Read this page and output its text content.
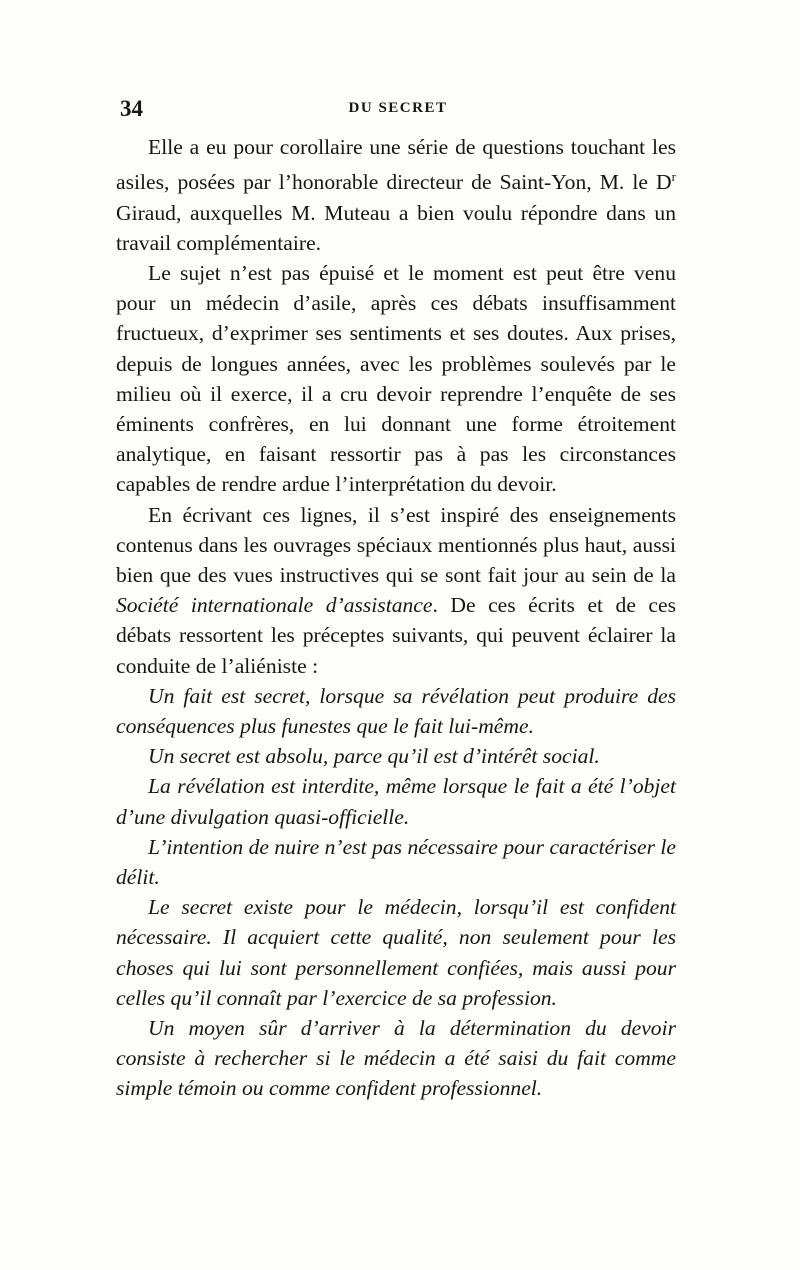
34	DU SECRET

Elle a eu pour corollaire une série de questions touchant les asiles, posées par l’honorable directeur de Saint-Yon, M. le $D^r$ Giraud, auxquelles M. Muteau a bien voulu répondre dans un travail complémentaire.

Le sujet n’est pas épuisé et le moment est peut être venu pour un médecin d’asile, après ces débats insuffisamment fructueux, d’exprimer ses sentiments et ses doutes. Aux prises, depuis de longues années, avec les problèmes soulevés par le milieu où il exerce, il a cru devoir reprendre l’enquête de ses éminents confrères, en lui donnant une forme étroitement analytique, en faisant ressortir pas à pas les circonstances capables de rendre ardue l’interprétation du devoir.

En écrivant ces lignes, il s’est inspiré des enseignements contenus dans les ouvrages spéciaux mentionnés plus haut, aussi bien que des vues instructives qui se sont fait jour au sein de la Société internationale d’assistance. De ces écrits et de ces débats ressortent les préceptes suivants, qui peuvent éclairer la conduite de l’aliéniste :

Un fait est secret, lorsque sa révélation peut produire des conséquences plus funestes que le fait lui-même.

Un secret est absolu, parce qu’il est d’intérêt social.

La révélation est interdite, même lorsque le fait a été l’objet d’une divulgation quasi-officielle.

L’intention de nuire n’est pas nécessaire pour caractériser le délit.

Le secret existe pour le médecin, lorsqu’il est confident nécessaire. Il acquiert cette qualité, non seulement pour les choses qui lui sont personnellement confiées, mais aussi pour celles qu’il connaît par l’exercice de sa profession.

Un moyen sûr d’arriver à la détermination du devoir consiste à rechercher si le médecin a été saisi du fait comme simple témoin ou comme confident professionnel.
